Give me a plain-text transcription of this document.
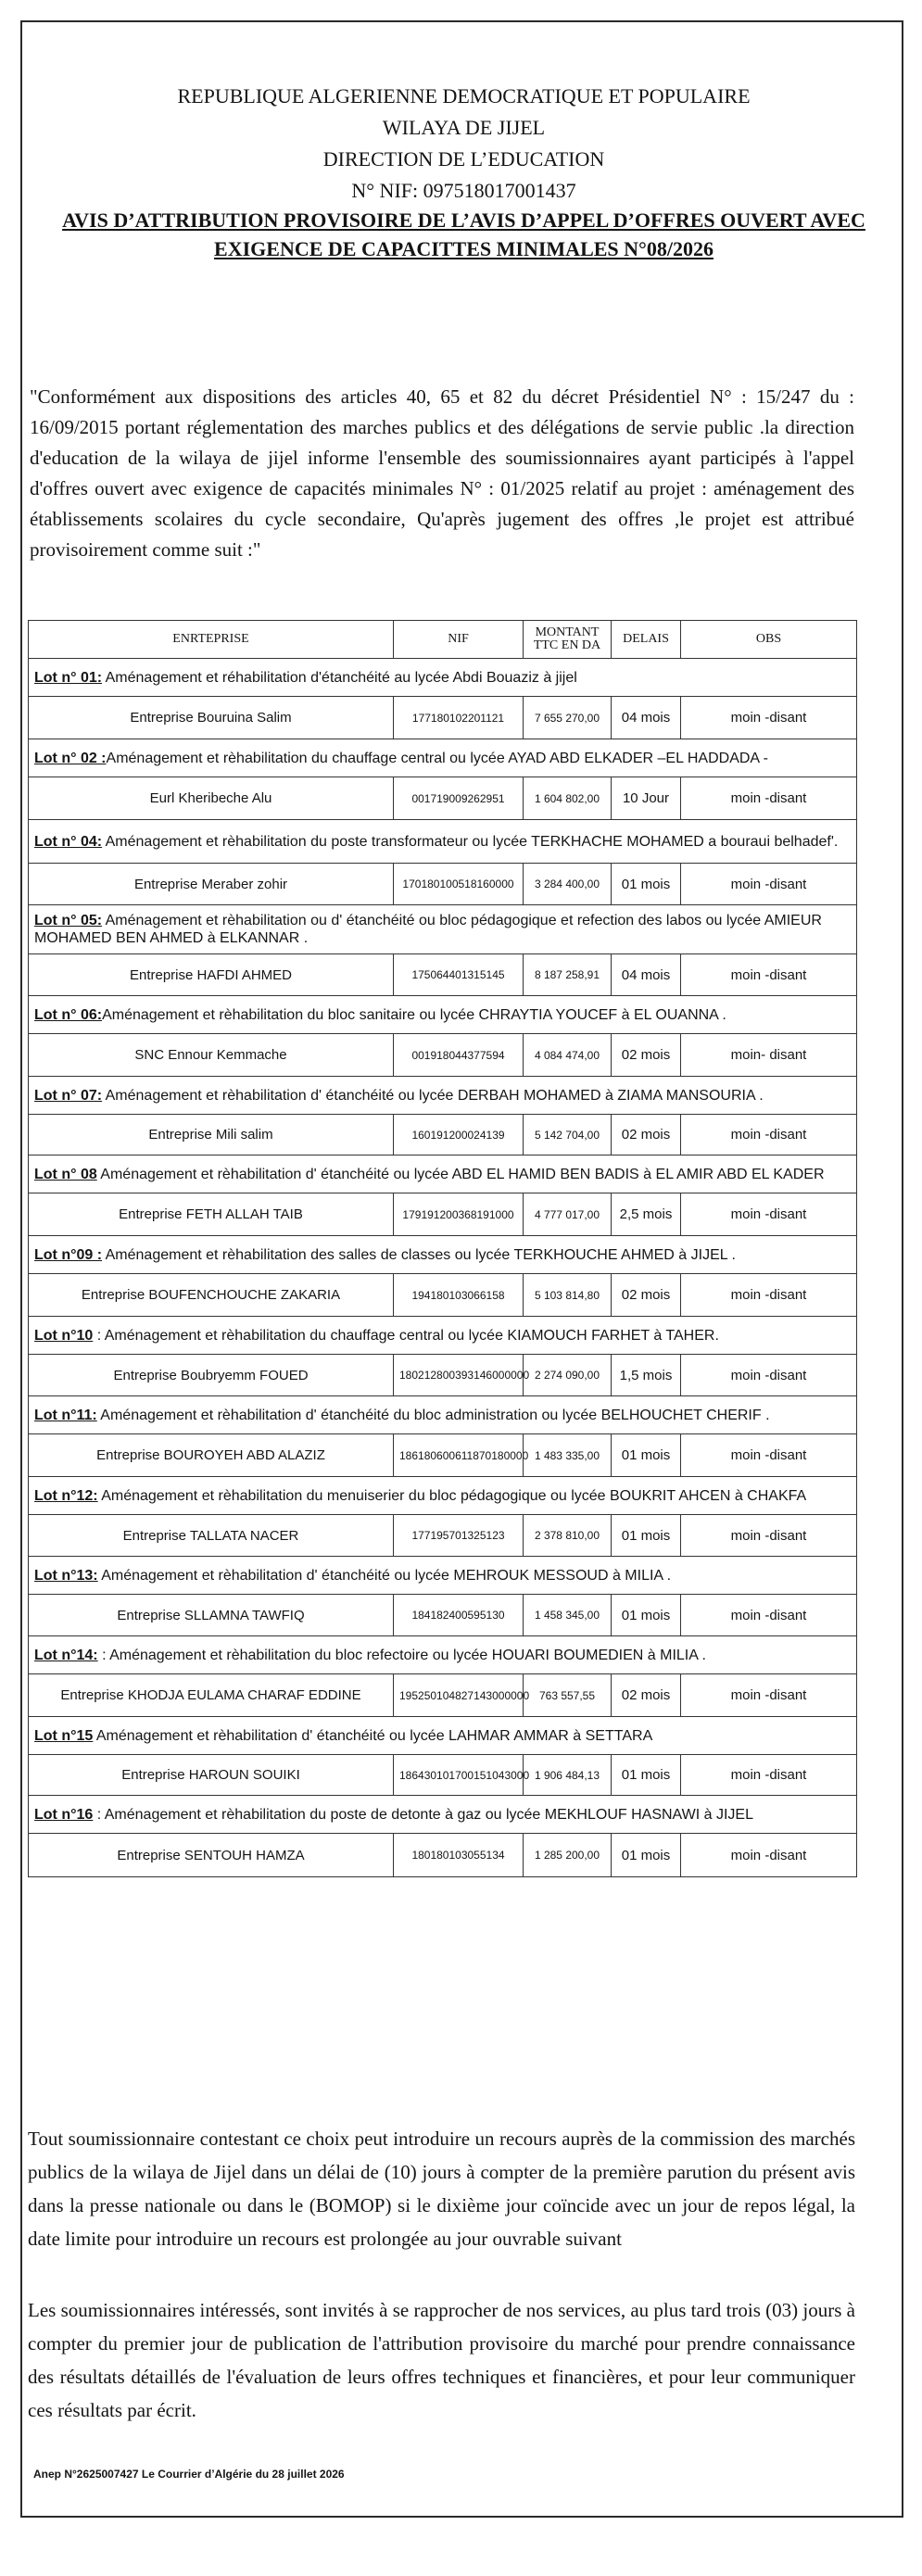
REPUBLIQUE ALGERIENNE DEMOCRATIQUE ET POPULAIRE
WILAYA DE JIJEL
DIRECTION DE L’EDUCATION
N° NIF: 097518017001437
AVIS D’ATTRIBUTION PROVISOIRE DE L’AVIS D’APPEL D’OFFRES OUVERT AVEC EXIGENCE DE CAPACITTES MINIMALES N°08/2026
"Conformément aux dispositions des articles 40, 65 et 82 du décret Présidentiel N° : 15/247 du : 16/09/2015 portant réglementation des marches publics et des délégations de servie public .la direction d'education de la wilaya de jijel informe l'ensemble des soumissionnaires ayant participés à l'appel d'offres ouvert avec exigence de capacités minimales N° : 01/2025 relatif au projet : aménagement des établissements scolaires du cycle secondaire, Qu'après jugement des offres ,le projet est attribué provisoirement comme suit :"
ENRTEPRISE	NIF	MONTANT TTC EN DA	DELAIS	OBS
Lot n° 01: Aménagement et réhabilitation d'étanchéité au lycée Abdi Bouaziz à jijel				
Entreprise Bouruina Salim	177180102201121	7 655 270,00	04 mois	moin -disant
Lot n° 02 :Aménagement et rèhabilitation du chauffage central ou lycée AYAD ABD ELKADER –EL HADDADA -				
Eurl Kheribeche Alu	001719009262951	1 604 802,00	10 Jour	moin -disant
Lot n° 04: Aménagement et rèhabilitation du poste transformateur ou lycée TERKHACHE MOHAMED a bouraui belhadef'.				
Entreprise Meraber zohir	170180100518160000	3 284 400,00	01 mois	moin -disant
Lot n° 05: Aménagement et rèhabilitation ou d' étanchéité ou bloc pédagogique et refection des labos ou lycée AMIEUR MOHAMED BEN AHMED à ELKANNAR .				
Entreprise HAFDI AHMED	175064401315145	8 187 258,91	04 mois	moin -disant
Lot n° 06:Aménagement et rèhabilitation du bloc sanitaire ou lycée CHRAYTIA YOUCEF à EL OUANNA .				
SNC Ennour Kemmache	001918044377594	4 084 474,00	02 mois	moin- disant
Lot n° 07: Aménagement et rèhabilitation d' étanchéité ou lycée DERBAH MOHAMED à ZIAMA MANSOURIA .				
Entreprise Mili salim	160191200024139	5 142 704,00	02 mois	moin -disant
Lot n° 08 Aménagement et rèhabilitation d' étanchéité ou lycée ABD EL HAMID BEN BADIS à EL AMIR ABD EL KADER				
Entreprise FETH ALLAH TAIB	179191200368191000	4 777 017,00	2,5 mois	moin -disant
Lot n°09 : Aménagement et rèhabilitation des salles de classes ou lycée TERKHOUCHE AHMED à JIJEL .				
Entreprise BOUFENCHOUCHE ZAKARIA	194180103066158	5 103 814,80	02 mois	moin -disant
Lot n°10 : Aménagement et rèhabilitation du chauffage central ou lycée KIAMOUCH FARHET à TAHER.				
Entreprise Boubryemm FOUED	180212800393146000000	2 274 090,00	1,5 mois	moin -disant
Lot n°11: Aménagement et rèhabilitation d' étanchéité du bloc administration ou lycée BELHOUCHET CHERIF .				
Entreprise BOUROYEH ABD ALAZIZ	186180600611870180000	1 483 335,00	01 mois	moin -disant
Lot n°12: Aménagement et rèhabilitation du menuiserier du bloc pédagogique ou lycée BOUKRIT AHCEN à CHAKFA				
Entreprise TALLATA NACER	177195701325123	2 378 810,00	01 mois	moin -disant
Lot n°13: Aménagement et rèhabilitation d' étanchéité ou lycée MEHROUK MESSOUD à MILIA .				
Entreprise SLLAMNA TAWFIQ	184182400595130	1 458 345,00	01 mois	moin -disant
Lot n°14: : Aménagement et rèhabilitation du bloc refectoire ou lycée HOUARI BOUMEDIEN à MILIA .				
Entreprise KHODJA EULAMA CHARAF EDDINE	195250104827143000000	763 557,55	02 mois	moin -disant
Lot n°15 Aménagement et rèhabilitation d' étanchéité ou lycée LAHMAR AMMAR à SETTARA				
Entreprise HAROUN SOUIKI	186430101700151043000	1 906 484,13	01 mois	moin -disant
Lot n°16 : Aménagement et rèhabilitation du poste de detonte à gaz ou lycée MEKHLOUF HASNAWI à JIJEL				
Entreprise SENTOUH HAMZA	180180103055134	1 285 200,00	01 mois	moin -disant
Tout soumissionnaire contestant ce choix peut introduire un recours auprès de la commission des marchés publics de la wilaya de Jijel dans un délai de (10) jours à compter de la première parution du présent avis dans la presse nationale ou dans le (BOMOP) si le dixième jour coïncide avec un jour de repos légal, la date limite pour introduire un recours est prolongée au jour ouvrable suivant
Les soumissionnaires intéressés, sont invités à se rapprocher de nos services, au plus tard trois (03) jours à compter du premier jour de publication de l'attribution provisoire du marché pour prendre connaissance des résultats détaillés de l'évaluation de leurs offres techniques et financières, et pour leur communiquer ces résultats par écrit.
Anep N°2625007427 Le Courrier d’Algérie du 28 juillet 2026
